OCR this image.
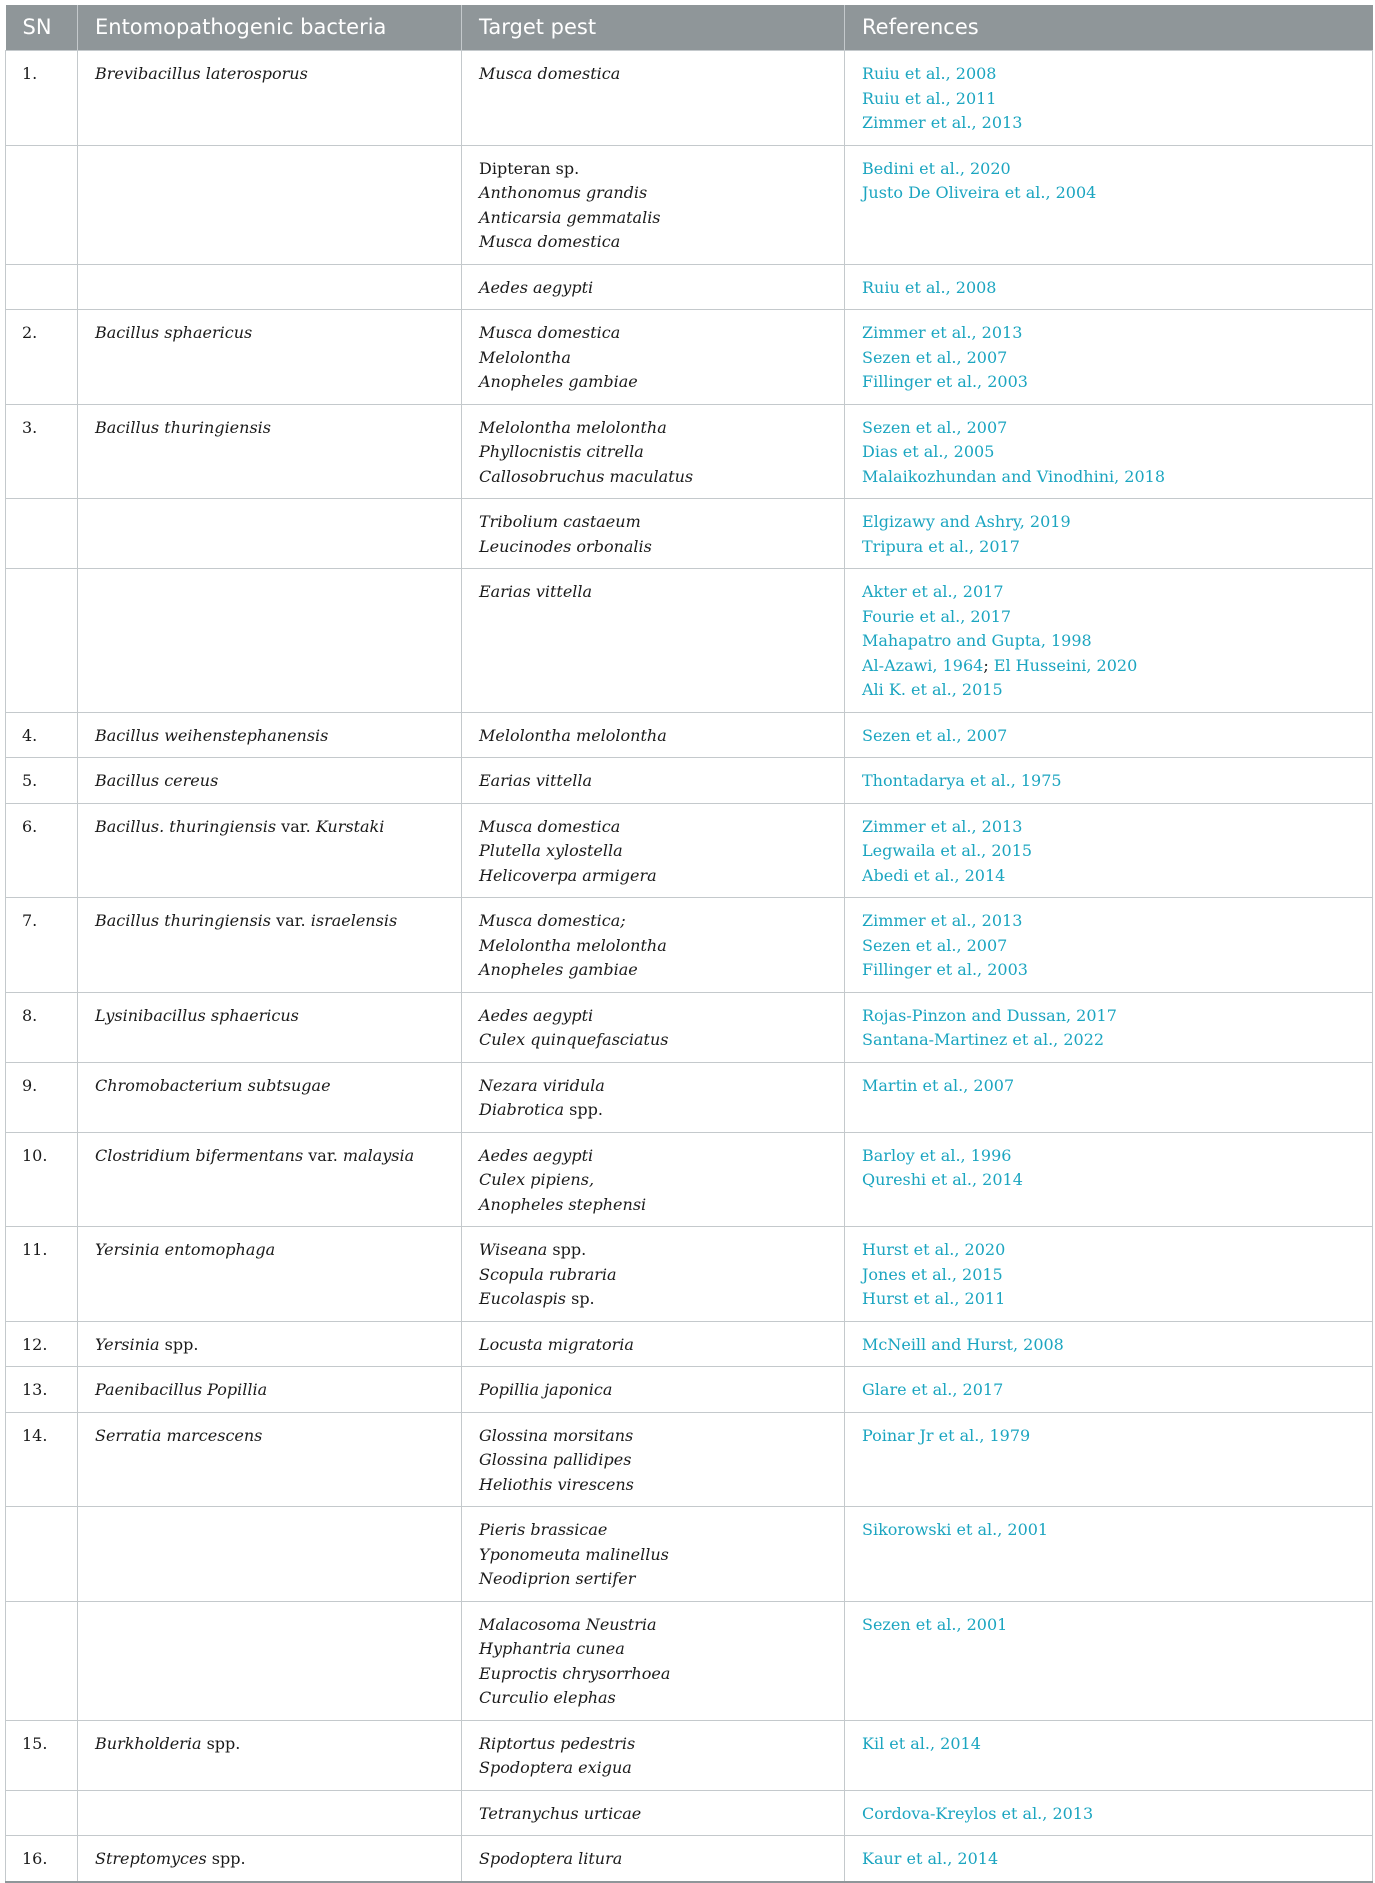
SN	Entomopathogenic bacteria	Target pest	References
1.	Brevibacillus laterosporus	Musca domestica	Ruiu et al., 2008
Ruiu et al., 2011
Zimmer et al., 2013

		Dipteran sp.
Anthonomus grandis
Anticarsia gemmatalis
Musca domestica	Bedini et al., 2020
Justo De Oliveira et al., 2004

		Aedes aegypti	Ruiu et al., 2008

2.	Bacillus sphaericus	Musca domestica
Melolontha
Anopheles gambiae	Zimmer et al., 2013
Sezen et al., 2007
Fillinger et al., 2003

3.	Bacillus thuringiensis	Melolontha melolontha
Phyllocnistis citrella
Callosobruchus maculatus	Sezen et al., 2007
Dias et al., 2005
Malaikozhundan and Vinodhini, 2018

		Tribolium castaeum
Leucinodes orbonalis	Elgizawy and Ashry, 2019
Tripura et al., 2017

		Earias vittella	Akter et al., 2017
Fourie et al., 2017
Mahapatro and Gupta, 1998
Al-Azawi, 1964; El Husseini, 2020
Ali K. et al., 2015

4.	Bacillus weihenstephanensis	Melolontha melolontha	Sezen et al., 2007

5.	Bacillus cereus	Earias vittella	Thontadarya et al., 1975

6.	Bacillus. thuringiensis var. Kurstaki	Musca domestica
Plutella xylostella
Helicoverpa armigera	Zimmer et al., 2013
Legwaila et al., 2015
Abedi et al., 2014

7.	Bacillus thuringiensis var. israelensis	Musca domestica;
Melolontha melolontha
Anopheles gambiae	Zimmer et al., 2013
Sezen et al., 2007
Fillinger et al., 2003

8.	Lysinibacillus sphaericus	Aedes aegypti
Culex quinquefasciatus	Rojas-Pinzon and Dussan, 2017
Santana-Martinez et al., 2022

9.	Chromobacterium subtsugae	Nezara viridula
Diabrotica spp.	Martin et al., 2007

10.	Clostridium bifermentans var. malaysia	Aedes aegypti
Culex pipiens,
Anopheles stephensi	Barloy et al., 1996
Qureshi et al., 2014

11.	Yersinia entomophaga	Wiseana spp.
Scopula rubraria
Eucolaspis sp.	Hurst et al., 2020
Jones et al., 2015
Hurst et al., 2011

12.	Yersinia spp.	Locusta migratoria	McNeill and Hurst, 2008

13.	Paenibacillus Popillia	Popillia japonica	Glare et al., 2017

14.	Serratia marcescens	Glossina morsitans
Glossina pallidipes
Heliothis virescens	Poinar Jr et al., 1979

		Pieris brassicae
Yponomeuta malinellus
Neodiprion sertifer	Sikorowski et al., 2001

		Malacosoma Neustria
Hyphantria cunea
Euproctis chrysorrhoea
Curculio elephas	Sezen et al., 2001

15.	Burkholderia spp.	Riptortus pedestris
Spodoptera exigua	Kil et al., 2014

		Tetranychus urticae	Cordova-Kreylos et al., 2013

16.	Streptomyces spp.	Spodoptera litura	Kaur et al., 2014
